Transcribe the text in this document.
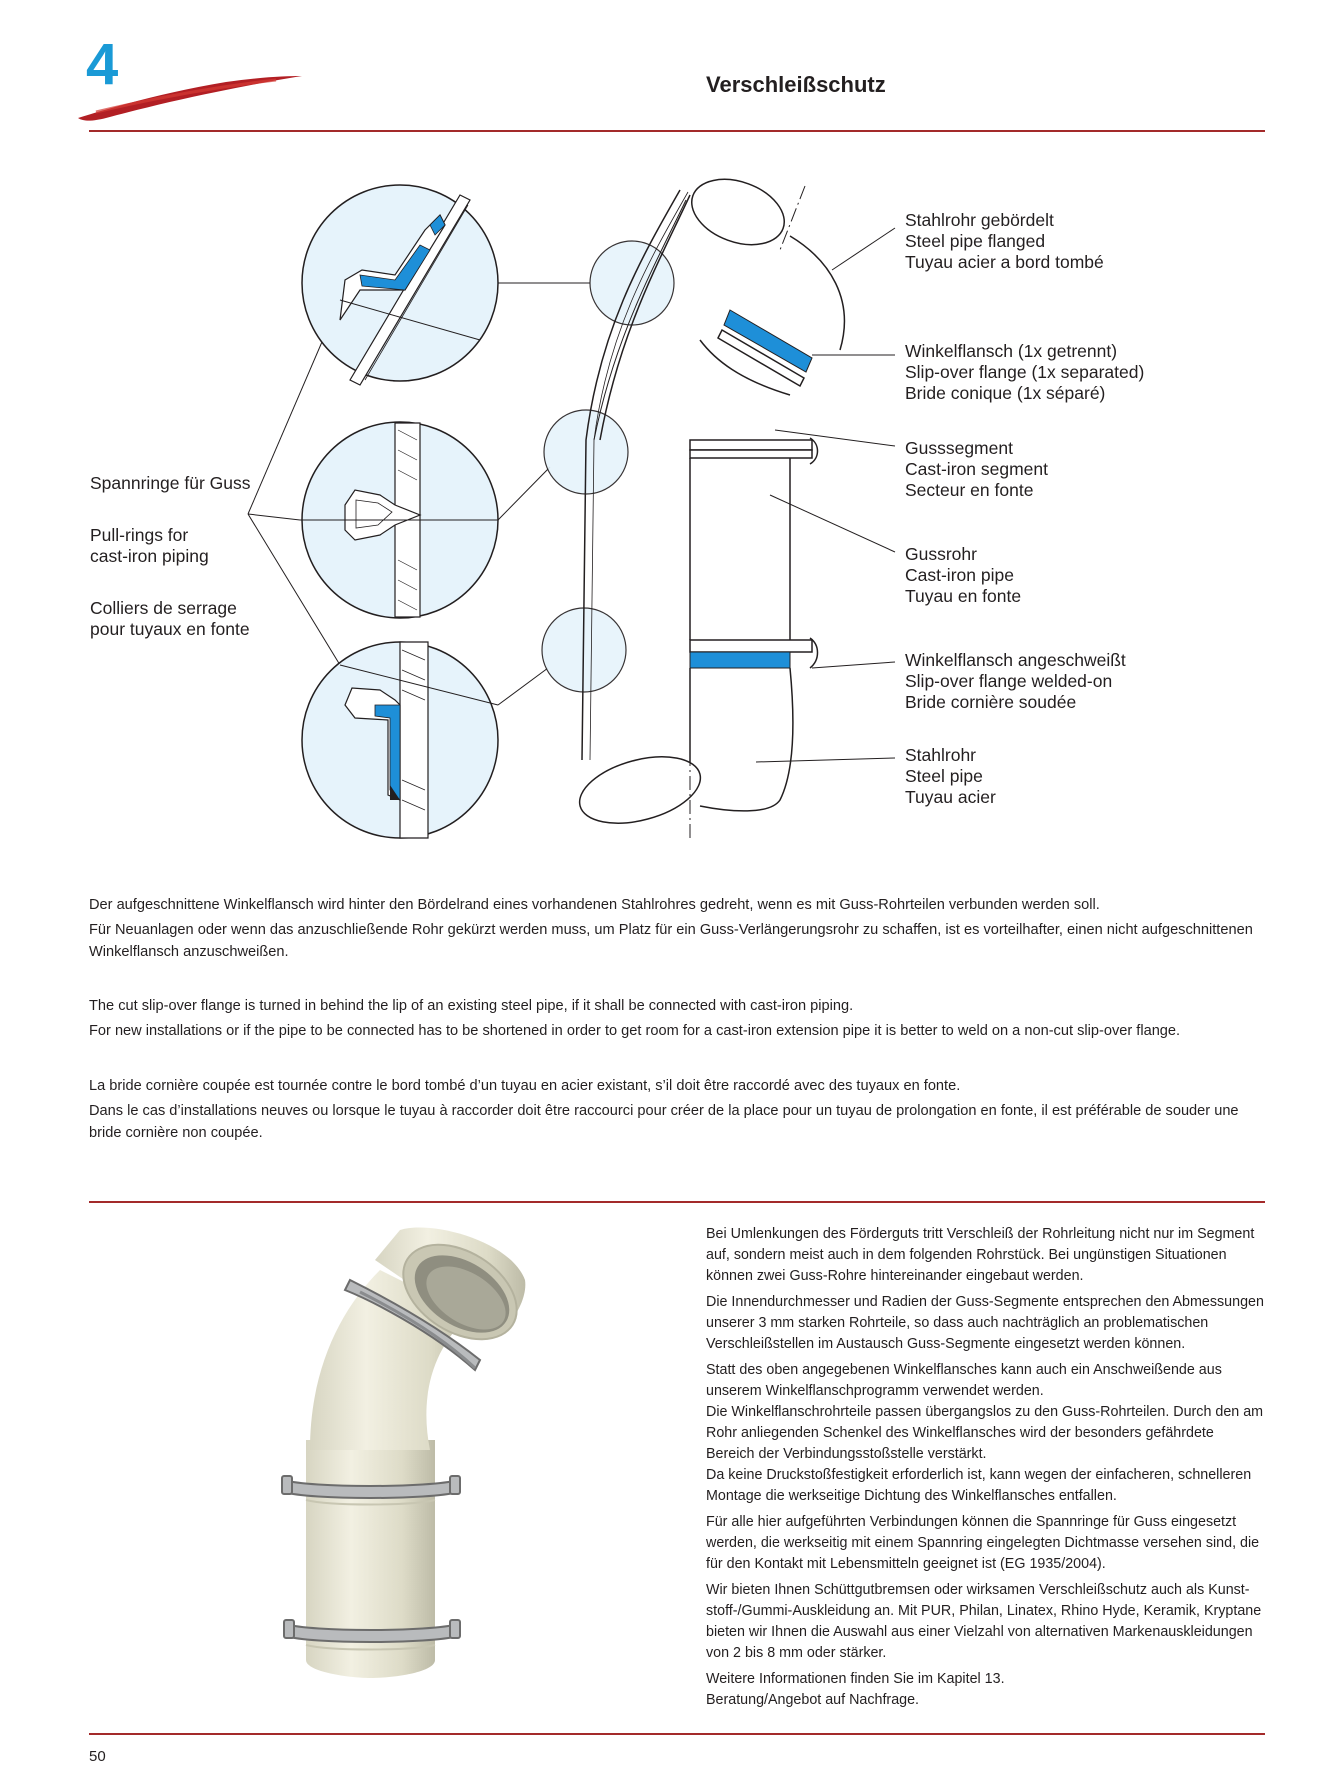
4	Verschleißschutz

Spannringe für Guss

Pull-rings for
cast-iron piping

Colliers de serrage
pour tuyaux en fonte

Stahlrohr gebördelt
Steel pipe flanged
Tuyau acier a bord tombé
Winkelflansch (1x getrennt)
Slip-over flange (1x separated)
Bride conique (1x séparé)
Gusssegment
Cast-iron segment
Secteur en fonte
Gussrohr
Cast-iron pipe
Tuyau en fonte
Winkelflansch angeschweißt
Slip-over flange welded-on
Bride cornière soudée
Stahlrohr
Steel pipe
Tuyau acier

Der aufgeschnittene Winkelflansch wird hinter den Bördelrand eines vorhandenen Stahlrohres gedreht, wenn es mit Guss-Rohrteilen verbunden werden soll.

Für Neuanlagen oder wenn das anzuschließende Rohr gekürzt werden muss, um Platz für ein Guss-Verlängerungsrohr zu schaffen, ist es vorteilhafter, einen nicht aufgeschnittenen Winkelflansch anzuschweißen.

The cut slip-over flange is turned in behind the lip of an existing steel pipe, if it shall be connected with cast-iron piping.

For new installations or if the pipe to be connected has to be shortened in order to get room for a cast-iron extension pipe it is better to weld on a non-cut slip-over flange.

La bride cornière coupée est tournée contre le bord tombé d’un tuyau en acier existant, s’il doit être raccordé avec des tuyaux en fonte.

Dans le cas d’installations neuves ou lorsque le tuyau à raccorder doit être raccourci pour créer de la place pour un tuyau de prolongation en fonte, il est préférable de souder une bride cornière non coupée.

Bei Umlenkungen des Förderguts tritt Verschleiß der Rohrleitung nicht nur im Segment auf, sondern meist auch in dem folgenden Rohrstück. Bei ungünstigen Situationen können zwei Guss-Rohre hintereinander eingebaut werden.

Die Innendurchmesser und Radien der Guss-Segmente entsprechen den Abmessungen unserer 3 mm starken Rohrteile, so dass auch nachträglich an problematischen Verschleißstellen im Austausch Guss-Segmente eingesetzt werden können.

Statt des oben angegebenen Winkelflansches kann auch ein Anschweißende aus unserem Winkelflanschprogramm verwendet werden.
Die Winkelflanschrohrteile passen übergangslos zu den Guss-Rohrteilen. Durch den am Rohr anliegenden Schenkel des Winkelflansches wird der besonders gefährdete Bereich der Verbindungsstoßstelle verstärkt.
Da keine Druckstoßfestigkeit erforderlich ist, kann wegen der einfacheren, schnelleren Montage die werkseitige Dichtung des Winkelflansches entfallen.

Für alle hier aufgeführten Verbindungen können die Spannringe für Guss eingesetzt werden, die werkseitig mit einem Spannring eingelegten Dichtmasse versehen sind, die für den Kontakt mit Lebensmitteln geeignet ist (EG 1935/2004).

Wir bieten Ihnen Schüttgutbremsen oder wirksamen Verschleißschutz auch als Kunst-stoff-/Gummi-Auskleidung an. Mit PUR, Philan, Linatex, Rhino Hyde, Keramik, Kryptane bieten wir Ihnen die Auswahl aus einer Vielzahl von alternativen Markenauskleidungen von 2 bis 8 mm oder stärker.

Weitere Informationen finden Sie im Kapitel 13.
Beratung/Angebot auf Nachfrage.

50
